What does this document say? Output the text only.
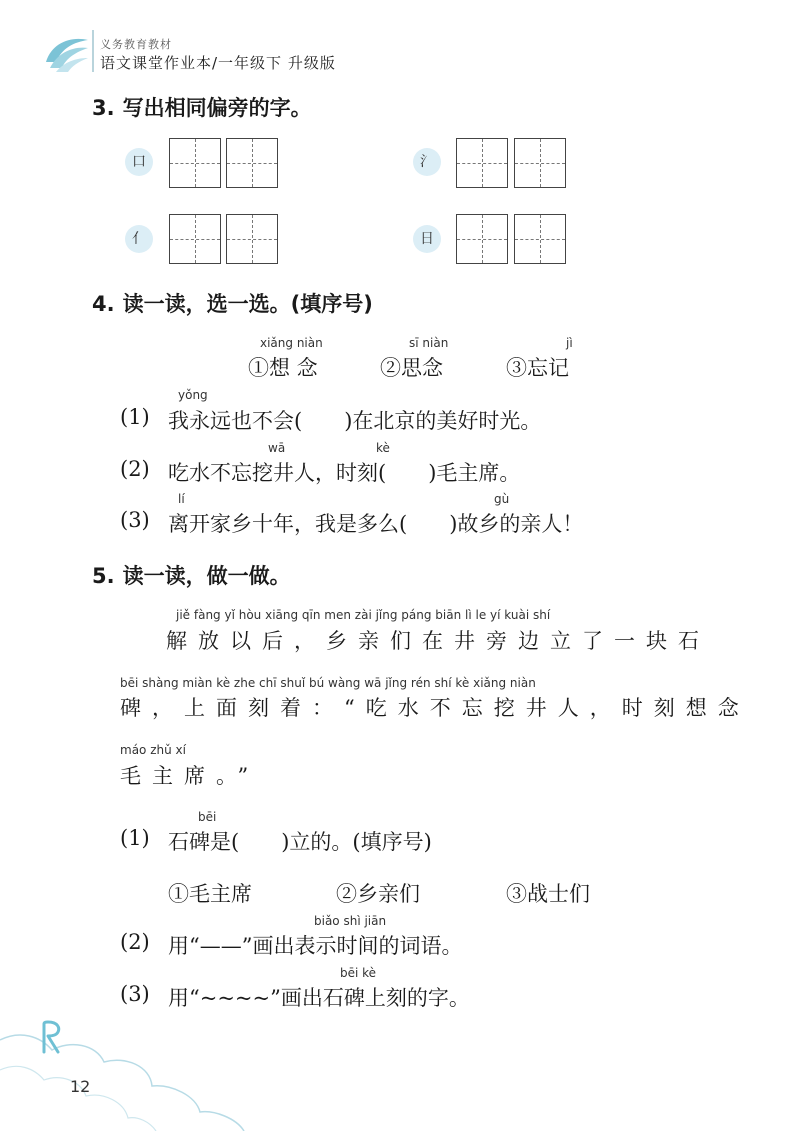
义务教育教材
语文课堂作业本/一年级下 升级版
3. 写出相同偏旁的字。
口	氵
亻	日
4. 读一读，选一选。(填序号)
xiǎng niàn	sī niàn	jì
①想 念	②思念	③忘记
yǒng
(1) 我永远也不会(　　)在北京的美好时光。
wā	kè
(2) 吃水不忘挖井人，时刻(　　)毛主席。
lí	gù
(3) 离开家乡十年，我是多么(　　)故乡的亲人！
5. 读一读，做一做。
jiě fàng yǐ hòu xiāng qīn men zài jǐng páng biān lì le yí kuài shí
解放以后，乡亲们在井旁边立了一块石
bēi shàng miàn kè zhe chī shuǐ bú wàng wā jǐng rén shí kè xiǎng niàn
碑，上面刻着：“吃水不忘挖井人，时刻想念
máo zhǔ xí
毛主席。”
bēi
(1) 石碑是(　　)立的。(填序号)
①毛主席	②乡亲们	③战士们
biǎo shì jiān
(2) 用“——”画出表示时间的词语。
bēi kè
(3) 用“~~~~”画出石碑上刻的字。
12
